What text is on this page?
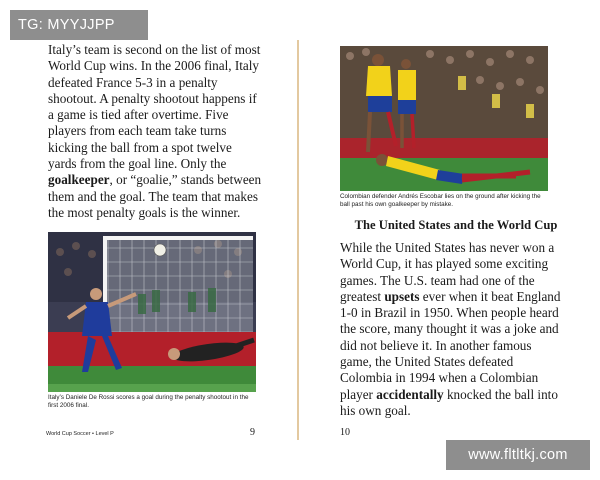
Italy’s team is second on the list of most World Cup wins. In the 2006 final, Italy defeated France 5-3 in a penalty shootout. A penalty shootout happens if a game is tied after overtime. Five players from each team take turns kicking the ball from a spot twelve yards from the goal line. Only the goalkeeper, or “goalie,” stands between them and the goal. The team that makes the most penalty goals is the winner.

Italy’s Daniele De Rossi scores a goal during the penalty shootout in the first 2006 final.

World Cup Soccer • Level P	9

Colombian defender Andrés Escobar lies on the ground after kicking the ball past his own goalkeeper by mistake.

The United States and the World Cup

While the United States has never won a World Cup, it has played some exciting games. The U.S. team had one of the greatest upsets ever when it beat England 1-0 in Brazil in 1950. When people heard the score, many thought it was a joke and did not believe it. In another famous game, the United States defeated Colombia in 1994 when a Colombian player accidentally knocked the ball into his own goal.

10
TG: MYYJJPP
www.fltltkj.com
